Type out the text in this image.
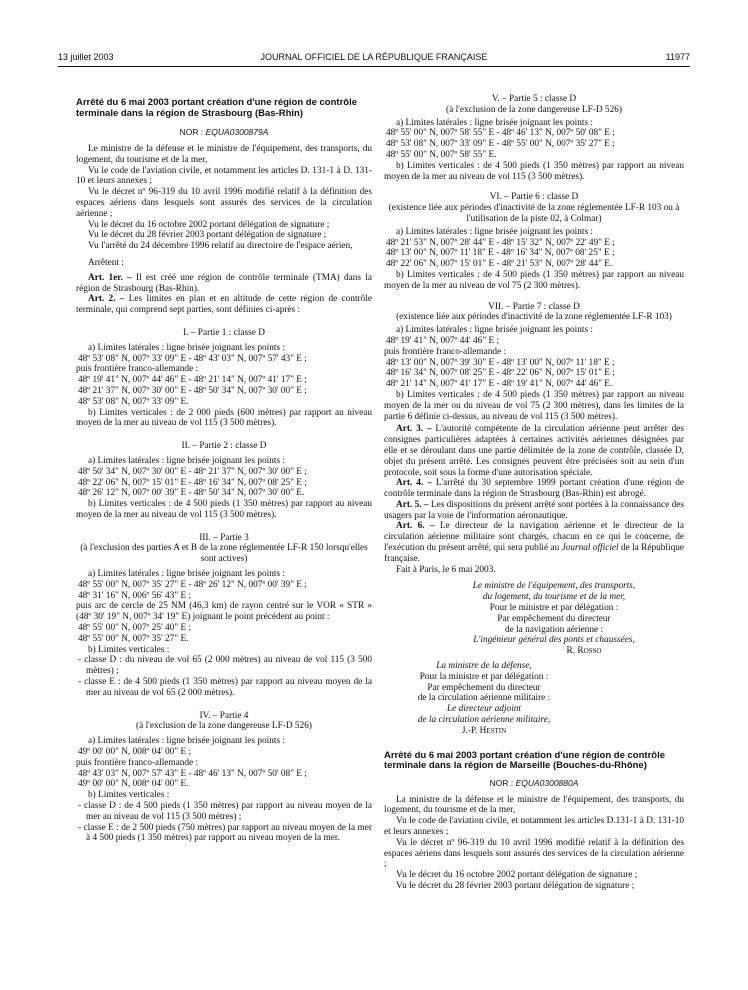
13 juillet 2003	JOURNAL OFFICIEL DE LA RÉPUBLIQUE FRANÇAISE	11977

Arrêté du 6 mai 2003 portant création d'une région de contrôle terminale dans la région de Strasbourg (Bas-Rhin)

NOR : EQUA0300879A

Le ministre de la défense et le ministre de l'équipement, des transports, du logement, du tourisme et de la mer,

Vu le code de l'aviation civile, et notamment les articles D. 131-1 à D. 131-10 et leurs annexes ;

Vu le décret nº 96-319 du 10 avril 1996 modifié relatif à la définition des espaces aériens dans lesquels sont assurés des services de la circulation aérienne ;

Vu le décret du 16 octobre 2002 portant délégation de signature ;

Vu le décret du 28 février 2003 portant délégation de signature ;

Vu l'arrêté du 24 décembre 1996 relatif au directoire de l'espace aérien,

Arrêtent :

Art. 1er. – Il est créé une région de contrôle terminale (TMA) dans la région de Strasbourg (Bas-Rhin).

Art. 2. – Les limites en plan et en altitude de cette région de contrôle terminale, qui comprend sept parties, sont définies ci-après :

I. – Partie 1 : classe D

a) Limites latérales : ligne brisée joignant les points :

48º 53' 08" N, 007º 33' 09" E - 48º 43' 03" N, 007º 57' 43" E ;

puis frontière franco-allemande :

48º 19' 41" N, 007º 44' 46" E - 48º 21' 14" N, 007º 41' 17" E ;

48º 21' 37" N, 007º 30' 00" E - 48º 50' 34" N, 007º 30' 00" E ;

48º 53' 08" N, 007º 33' 09" E.

b) Limites verticales : de 2 000 pieds (600 mètres) par rapport au niveau moyen de la mer au niveau de vol 115 (3 500 mètres).

II. – Partie 2 : classe D

a) Limites latérales : ligne brisée joignant les points :

48º 50' 34" N, 007º 30' 00" E - 48º 21' 37" N, 007º 30' 00" E ;

48º 22' 06" N, 007º 15' 01" E - 48º 16' 34" N, 007º 08' 25" E ;

48º 26' 12" N, 007º 00' 39" E - 48º 50' 34" N, 007º 30' 00" E.

b) Limites verticales : de 4 500 pieds (1 350 mètres) par rapport au niveau moyen de la mer au niveau de vol 115 (3 500 mètres).

III. – Partie 3

(à l'exclusion des parties A et B de la zone réglementée LF-R 150 lorsqu'elles sont actives)

a) Limites latérales : ligne brisée joignant les points :

48º 55' 00" N, 007º 35' 27" E - 48º 26' 12" N, 007º 00' 39" E ;

48º 31' 16" N, 006º 56' 43" E ;

puis arc de cercle de 25 NM (46,3 km) de rayon centré sur le VOR « STR » (48º 30' 19" N, 007º 34' 19" E) joignant le point précédent au point :

48º 55' 00" N, 007º 25' 40" E ;

48º 55' 00" N, 007º 35' 27" E.

b) Limites verticales :

- classe D : du niveau de vol 65 (2 000 mètres) au niveau de vol 115 (3 500 mètres) ;

- classe E : de 4 500 pieds (1 350 mètres) par rapport au niveau moyen de la mer au niveau de vol 65 (2 000 mètres).

IV. – Partie 4

(à l'exclusion de la zone dangereuse LF-D 526)

a) Limites latérales : ligne brisée joignant les points :

49º 00' 00" N, 008º 04' 00" E ;

puis frontière franco-allemande :

48º 43' 03" N, 007º 57' 43" E - 48º 46' 13" N, 007º 50' 08" E ;

49º 00' 00" N, 008º 04' 00" E.

b) Limites verticales :

- classe D : de 4 500 pieds (1 350 mètres) par rapport au niveau moyen de la mer au niveau de vol 115 (3 500 mètres) ;

- classe E : de 2 500 pieds (750 mètres) par rapport au niveau moyen de la mer à 4 500 pieds (1 350 mètres) par rapport au niveau moyen de la mer.

V. – Partie 5 : classe D

(à l'exclusion de la zone dangereuse LF-D 526)

a) Limites latérales : ligne brisée joignant les points :

48º 55' 00" N, 007º 58' 55" E - 48º 46' 13" N, 007º 50' 08" E ;

48º 53' 08" N, 007º 33' 09" E - 48º 55' 00" N, 007º 35' 27" E ;

48º 55' 00" N, 007º 58' 55" E.

b) Limites verticales : de 4 500 pieds (1 350 mètres) par rapport au niveau moyen de la mer au niveau de vol 115 (3 500 mètres).

VI. – Partie 6 : classe D

(existence liée aux périodes d'inactivité de la zone réglementée LF-R 103 ou à l'utilisation de la piste 02, à Colmar)

a) Limites latérales : ligne brisée joignant les points :

48º 21' 53" N, 007º 28' 44" E - 48º 15' 32" N, 007º 22' 49" E ;

48º 13' 00" N, 007º 11' 18" E - 48º 16' 34" N, 007º 08' 25" E ;

48º 22' 06" N, 007º 15' 01" E - 48º 21' 53" N, 007º 28' 44" E.

b) Limites verticales : de 4 500 pieds (1 350 mètres) par rapport au niveau moyen de la mer au niveau de vol 75 (2 300 mètres).

VII. – Partie 7 : classe D

(existence liée aux périodes d'inactivité de la zone réglementée LF-R 103)

a) Limites latérales : ligne brisée joignant les points :

48º 19' 41" N, 007º 44' 46" E ;

puis frontière franco-allemande :

48º 13' 00" N, 007º 39' 30" E - 48º 13' 00" N, 007º 11' 18" E ;

48º 16' 34" N, 007º 08' 25" E - 48º 22' 06" N, 007º 15' 01" E ;

48º 21' 14" N, 007º 41' 17" E - 48º 19' 41" N, 007º 44' 46" E.

b) Limites verticales : de 4 500 pieds (1 350 mètres) par rapport au niveau moyen de la mer ou du niveau de vol 75 (2 300 mètres), dans les limites de la partie 6 définie ci-dessus, au niveau de vol 115 (3 500 mètres).

Art. 3. – L'autorité compétente de la circulation aérienne peut arrêter des consignes particulières adaptées à certaines activités aériennes désignées par elle et se déroulant dans une partie délimitée de la zone de contrôle, classée D, objet du présent arrêté. Les consignes peuvent être précisées soit au sein d'un protocole, soit sous la forme d'une autorisation spéciale.

Art. 4. – L'arrêté du 30 septembre 1999 portant création d'une région de contrôle terminale dans la région de Strasbourg (Bas-Rhin) est abrogé.

Art. 5. – Les dispositions du présent arrêté sont portées à la connaissance des usagers par la voie de l'information aéronautique.

Art. 6. – Le directeur de la navigation aérienne et le directeur de la circulation aérienne militaire sont chargés, chacun en ce qui le concerne, de l'exécution du présent arrêté, qui sera publié au Journal officiel de la République française.

Fait à Paris, le 6 mai 2003.

Le ministre de l'équipement, des transports,

du logement, du tourisme et de la mer,

Pour le ministre et par délégation :

Par empêchement du directeur

de la navigation aérienne :

L'ingénieur général des ponts et chaussées,

R. Rosso

La ministre de la défense,

Pour la ministre et par délégation :

Par empêchement du directeur

de la circulation aérienne militaire :

Le directeur adjoint

de la circulation aérienne militaire,

J.-P. Hestin

Arrêté du 6 mai 2003 portant création d'une région de contrôle terminale dans la région de Marseille (Bouches-du-Rhône)

NOR : EQUA0300880A

La ministre de la défense et le ministre de l'équipement, des transports, du logement, du tourisme et de la mer,

Vu le code de l'aviation civile, et notamment les articles D.131-1 à D. 131-10 et leurs annexes ;

Vu le décret nº 96-319 du 10 avril 1996 modifié relatif à la définition des espaces aériens dans lesquels sont assurés des services de la circulation aérienne ;

Vu le décret du 16 octobre 2002 portant délégation de signature ;

Vu le décret du 28 février 2003 portant délégation de signature ;
